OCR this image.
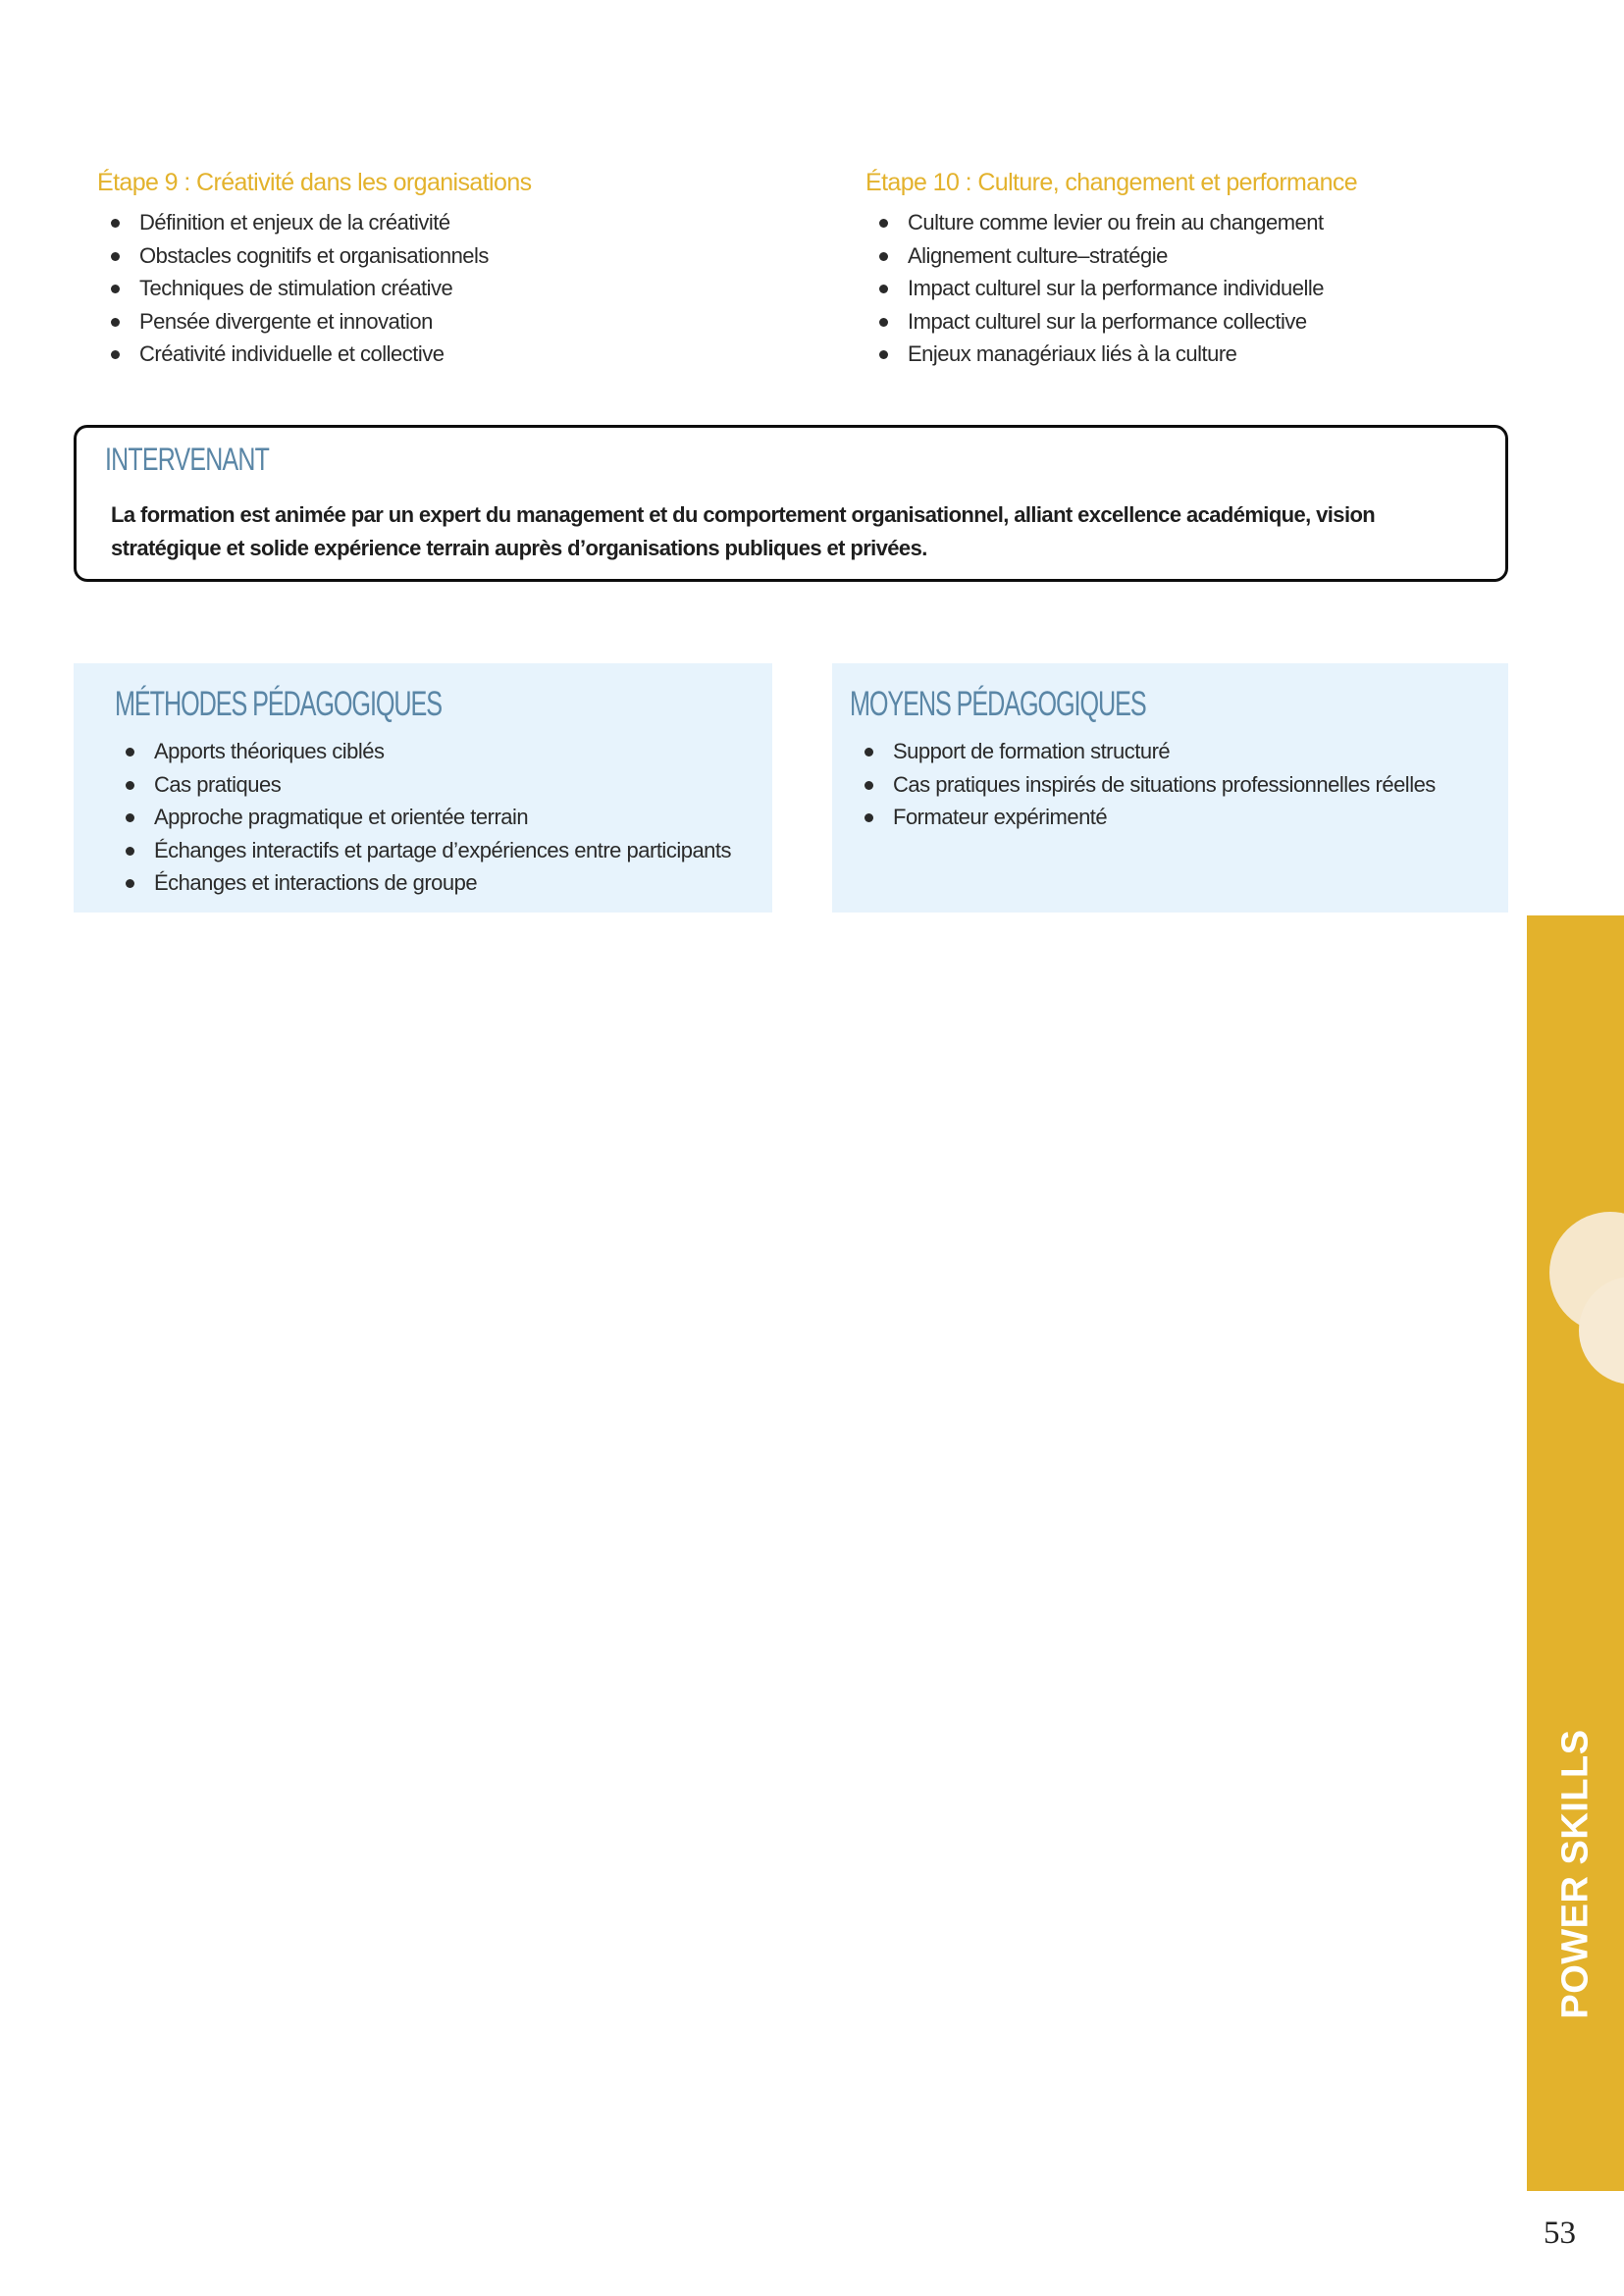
Étape 9 : Créativité dans les organisations
Définition et enjeux de la créativité
Obstacles cognitifs et organisationnels
Techniques de stimulation créative
Pensée divergente et innovation
Créativité individuelle et collective
Étape 10 : Culture, changement et performance
Culture comme levier ou frein au changement
Alignement culture–stratégie
Impact culturel sur la performance individuelle
Impact culturel sur la performance collective
Enjeux managériaux liés à la culture
INTERVENANT

La formation est animée par un expert du management et du comportement organisationnel, alliant excellence académique, vision stratégique et solide expérience terrain auprès d’organisations publiques et privées.

MÉTHODES PÉDAGOGIQUES
Apports théoriques ciblés
Cas pratiques
Approche pragmatique et orientée terrain
Échanges interactifs et partage d’expériences entre participants
Échanges et interactions de groupe
MOYENS PÉDAGOGIQUES
Support de formation structuré
Cas pratiques inspirés de situations professionnelles réelles
Formateur expérimenté
POWER SKILLS
53
